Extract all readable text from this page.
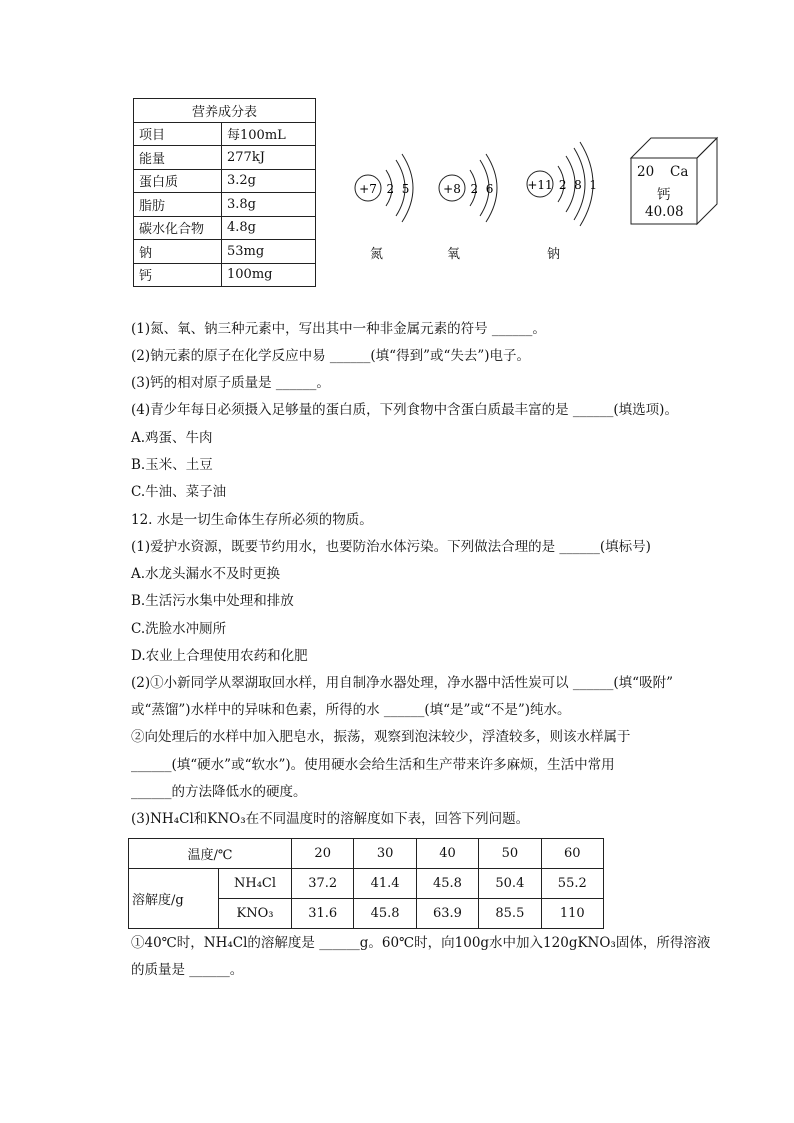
营养成分表	
项目	每100mL
能量	277kJ
蛋白质	3.2g
脂肪	3.8g
碳水化合物	4.8g
钠	53mg
钙	100mg
+7 2  5	+8 2  6	+11 2  8  1
氮	氧	钠
20 Ca
钙
40.08
(1)氮、氧、钠三种元素中，写出其中一种非金属元素的符号 ______。
(2)钠元素的原子在化学反应中易 ______(填“得到”或“失去”)电子。
(3)钙的相对原子质量是 ______。
(4)青少年每日必须摄入足够量的蛋白质，下列食物中含蛋白质最丰富的是 ______(填选项)。
A.鸡蛋、牛肉
B.玉米、土豆
C.牛油、菜子油
12. 水是一切生命体生存所必须的物质。
(1)爱护水资源，既要节约用水，也要防治水体污染。下列做法合理的是 ______(填标号)
A.水龙头漏水不及时更换
B.生活污水集中处理和排放
C.洗脸水冲厕所
D.农业上合理使用农药和化肥
(2)①小新同学从翠湖取回水样，用自制净水器处理，净水器中活性炭可以 ______(填“吸附”
或“蒸馏”)水样中的异味和色素，所得的水 ______(填“是”或“不是”)纯水。
②向处理后的水样中加入肥皂水，振荡，观察到泡沫较少，浮渣较多，则该水样属于
______(填“硬水”或“软水”)。使用硬水会给生活和生产带来许多麻烦，生活中常用
______的方法降低水的硬度。
(3)NH₄Cl和KNO₃在不同温度时的溶解度如下表，回答下列问题。
温度/℃		20	30	40	50	60
溶解度/g	NH₄Cl	37.2	41.4	45.8	50.4	55.2
	KNO₃	31.6	45.8	63.9	85.5	110
①40℃时，NH₄Cl的溶解度是 ______g。60℃时，向100g水中加入120gKNO₃固体，所得溶液
的质量是 ______。
